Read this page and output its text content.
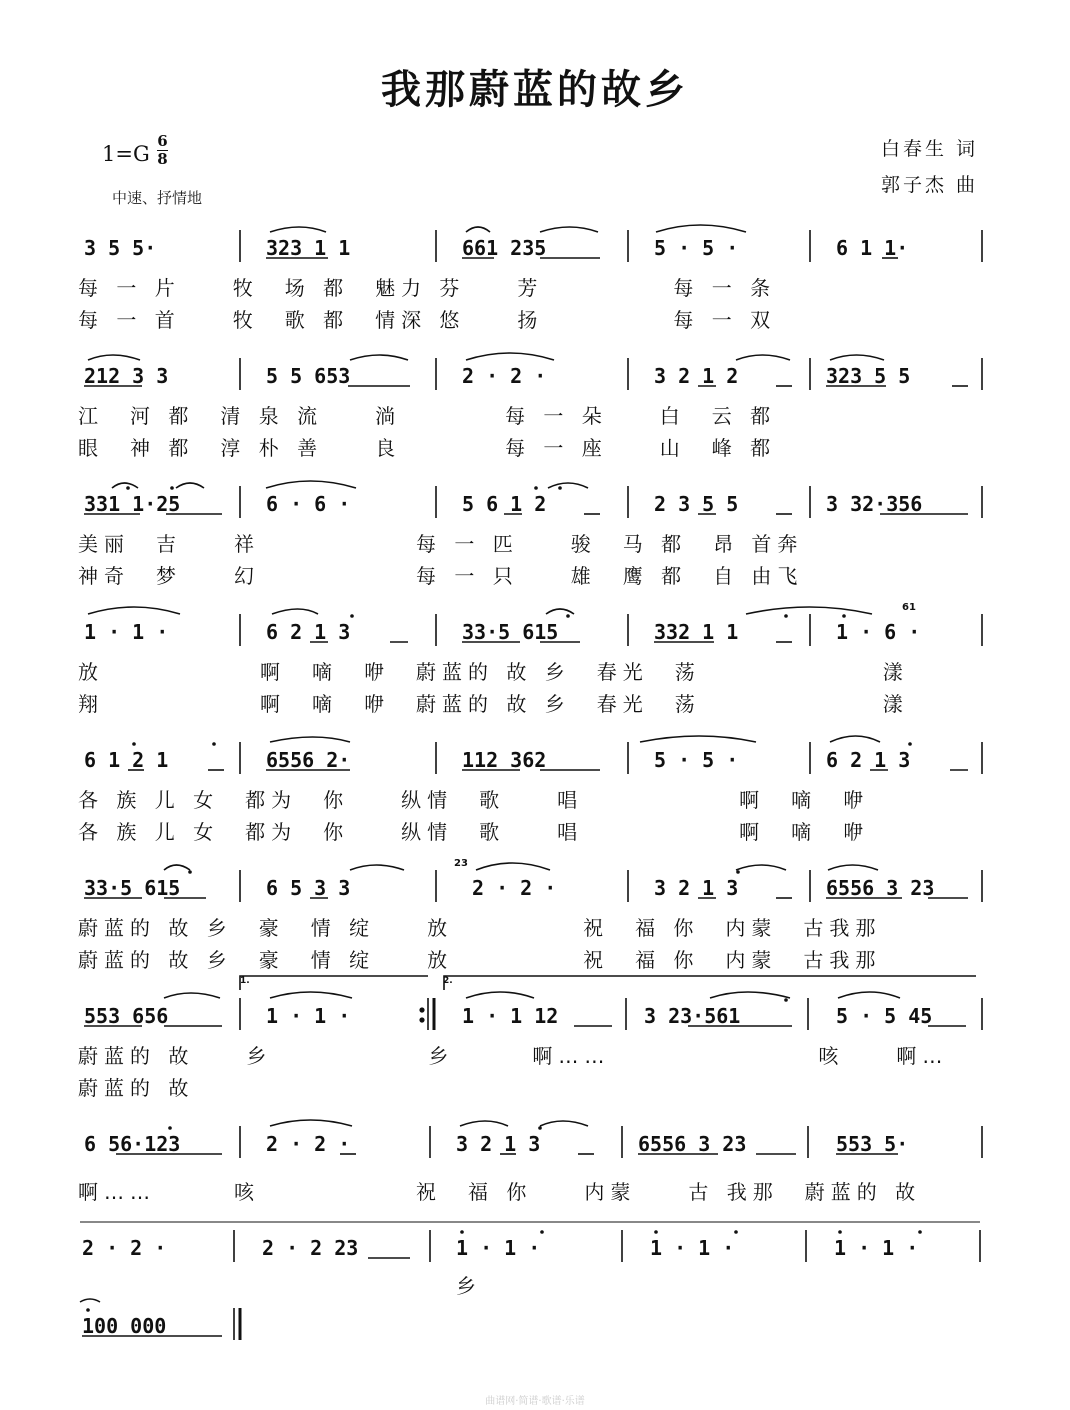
我那蔚蓝的故乡
1=G
6
8
中速、抒情地
白春生 词
郭子杰 曲
3 5 5·	323 1 1	661 235	5 · 5 ·	6 1 1·
每 一 片　　牧　场 都　魅力 芬　　芳　　　　　每 一 条
每 一 首　　牧　歌 都　情深 悠　　扬　　　　　每 一 双
212 3 3	5 5 653	2 · 2 ·	3 2 1 2	323 5 5
江　河 都　清 泉 流　　淌　　　　每 一 朵　　白　云 都
眼　神 都　淳 朴 善　　良　　　　每 一 座　　山　峰 都
331 1·25	6 · 6 ·	5 6 1 2	2 3 5 5	3 32·356
美丽　吉　　祥　　　　　　每 一 匹　　骏　马 都　昂 首奔
神奇　梦　　幻　　　　　　每 一 只　　雄　鹰 都　自 由飞
1 · 1 ·	6 2 1 3	33·5 615	332 1 1	1 · 6 ·
61
放　　　　　　啊　嘀　咿　蔚蓝的 故 乡　春光　荡　　　　　　　漾
翔　　　　　　啊　嘀　咿　蔚蓝的 故 乡　春光　荡　　　　　　　漾
6 1 2 1	6556 2·	112 362	5 · 5 ·	6 2 1 3
各 族 儿 女　都为　你　　纵情　歌　　唱　　　　　　啊　嘀　咿
各 族 儿 女　都为　你　　纵情　歌　　唱　　　　　　啊　嘀　咿
33·5 615	6 5 3 3	2 · 2 ·	3 2 1 3	6556 3 23
23
蔚蓝的 故 乡　豪　情 绽　　放　　　　　祝　福 你　内蒙　古我那
蔚蓝的 故 乡　豪　情 绽　　放　　　　　祝　福 你　内蒙　古我那
1.	2.
553 656	1 · 1 ·	1 · 1 12	3 23·561	5 · 5 45
蔚蓝的 故　　乡　　　　　　乡　　　啊……　　　　　　　　咳　　啊…
蔚蓝的 故
6 56·123	2 · 2 ·	3 2 1 3	6556 3 23	553 5·
啊……　　　咳　　　　　　祝　福 你　　内蒙　　古 我那　蔚蓝的 故
2 · 2 ·	2 · 2 23	1 · 1 ·	1 · 1 ·	1 · 1 ·
乡
100 000
曲谱网·简谱·歌谱·乐谱
